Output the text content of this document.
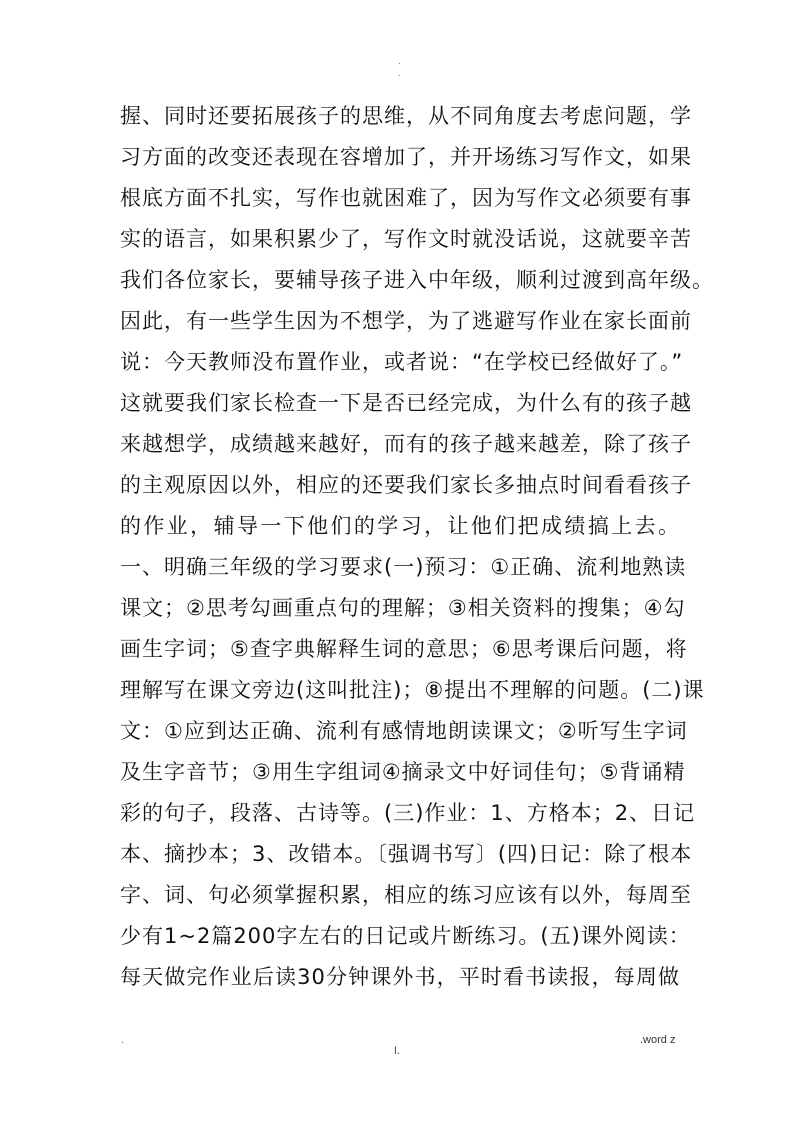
.
.
握、同时还要拓展孩子的思维，从不同角度去考虑问题，学
习方面的改变还表现在容增加了，并开场练习写作文，如果
根底方面不扎实，写作也就困难了，因为写作文必须要有事
实的语言，如果积累少了，写作文时就没话说，这就要辛苦
我们各位家长，要辅导孩子进入中年级，顺利过渡到高年级。
因此，有一些学生因为不想学，为了逃避写作业在家长面前
说：今天教师没布置作业，或者说：“在学校已经做好了。”
这就要我们家长检查一下是否已经完成，为什么有的孩子越
来越想学，成绩越来越好，而有的孩子越来越差，除了孩子
的主观原因以外，相应的还要我们家长多抽点时间看看孩子
的作业，辅导一下他们的学习，让他们把成绩搞上去。
一、明确三年级的学习要求(一)预习：①正确、流利地熟读
课文；②思考勾画重点句的理解；③相关资料的搜集；④勾
画生字词；⑤查字典解释生词的意思；⑥思考课后问题，将
理解写在课文旁边(这叫批注)；⑧提出不理解的问题。(二)课
文：①应到达正确、流利有感情地朗读课文；②听写生字词
及生字音节；③用生字组词④摘录文中好词佳句；⑤背诵精
彩的句子，段落、古诗等。(三)作业：1、方格本；2、日记
本、摘抄本；3、改错本。〔强调书写〕(四)日记：除了根本
字、词、句必须掌握积累，相应的练习应该有以外，每周至
少有1~2篇200字左右的日记或片断练习。(五)课外阅读：
每天做完作业后读30分钟课外书，平时看书读报，每周做
.
l.
.word z
